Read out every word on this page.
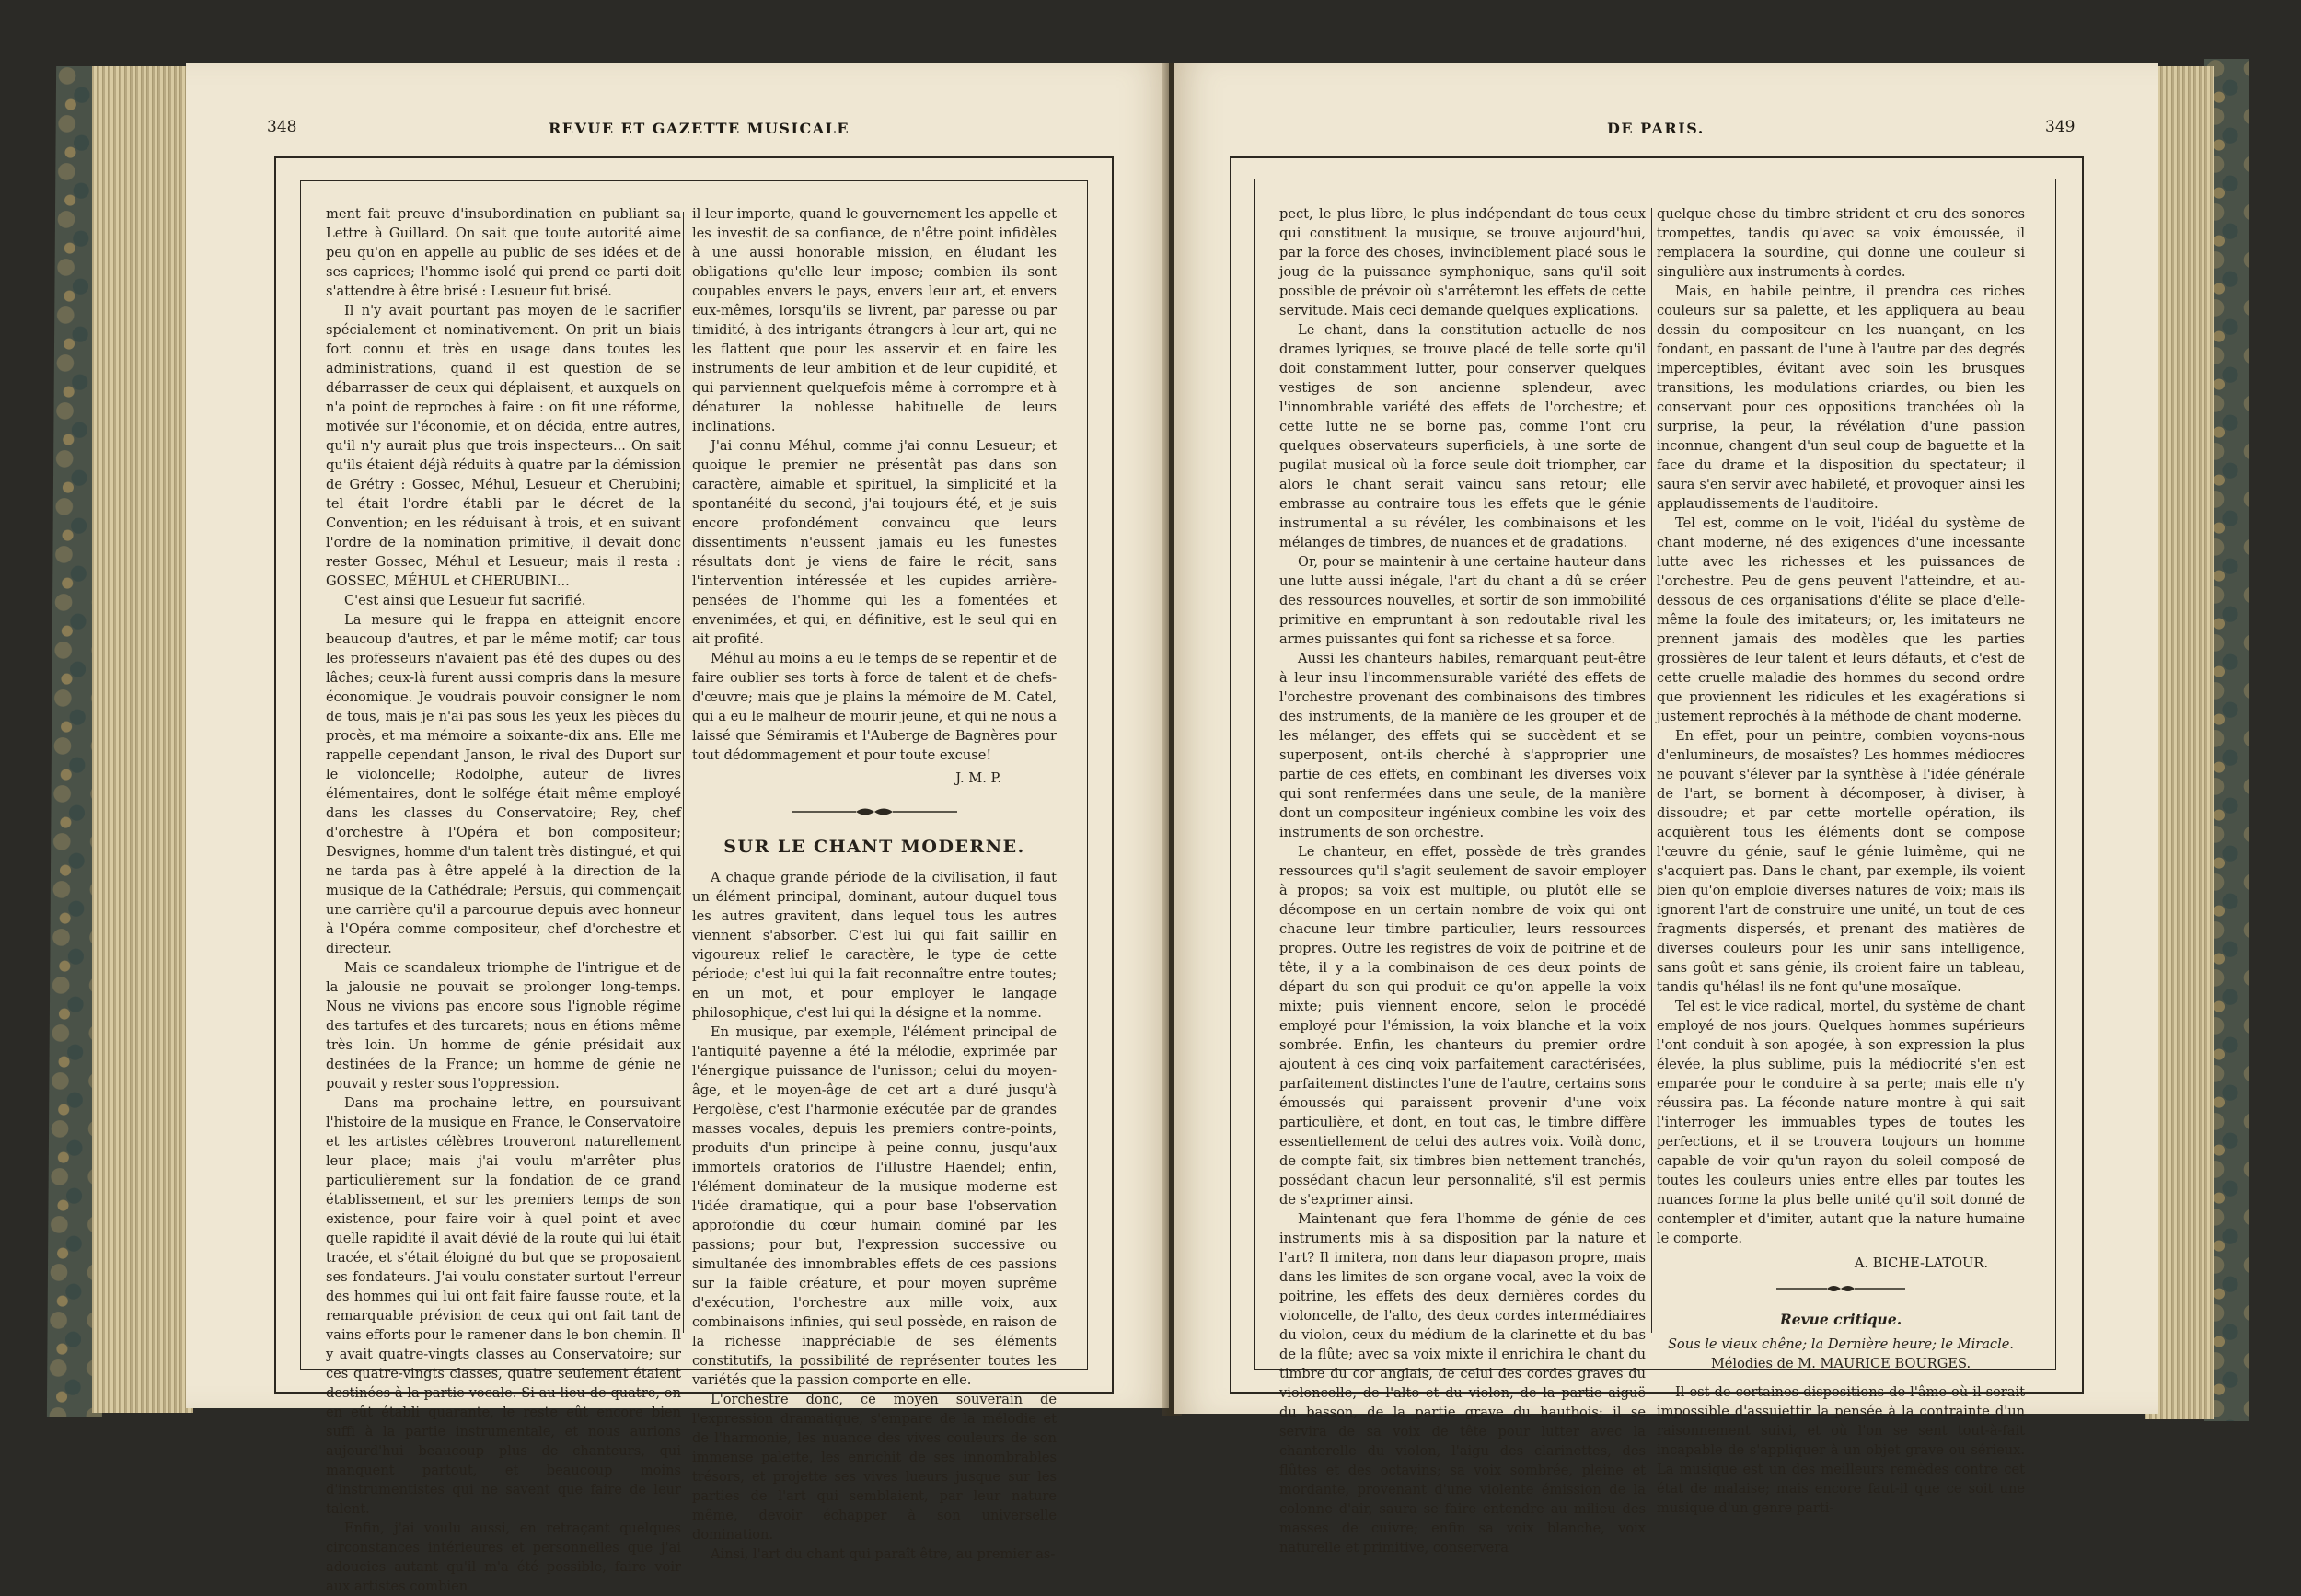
348	REVUE ET GAZETTE MUSICALE

ment fait preuve d'insubordination en publiant sa Lettre à Guillard. On sait que toute autorité aime peu qu'on en appelle au public de ses idées et de ses caprices; l'homme isolé qui prend ce parti doit s'attendre à être brisé : Lesueur fut brisé.

Il n'y avait pourtant pas moyen de le sacrifier spécialement et nominativement. On prit un biais fort connu et très en usage dans toutes les administrations, quand il est question de se débarrasser de ceux qui déplaisent, et auxquels on n'a point de reproches à faire : on fit une réforme, motivée sur l'économie, et on décida, entre autres, qu'il n'y aurait plus que trois inspecteurs... On sait qu'ils étaient déjà réduits à quatre par la démission de Grétry : Gossec, Méhul, Lesueur et Cherubini; tel était l'ordre établi par le décret de la Convention; en les réduisant à trois, et en suivant l'ordre de la nomination primitive, il devait donc rester Gossec, Méhul et Lesueur; mais il resta : GOSSEC, MÉHUL et CHERUBINI...

C'est ainsi que Lesueur fut sacrifié.

La mesure qui le frappa en atteignit encore beaucoup d'autres, et par le même motif; car tous les professeurs n'avaient pas été des dupes ou des lâches; ceux-là furent aussi compris dans la mesure économique. Je voudrais pouvoir consigner le nom de tous, mais je n'ai pas sous les yeux les pièces du procès, et ma mémoire a soixante-dix ans. Elle me rappelle cependant Janson, le rival des Duport sur le violoncelle; Rodolphe, auteur de livres élémentaires, dont le solfége était même employé dans les classes du Conservatoire; Rey, chef d'orchestre à l'Opéra et bon compositeur; Desvignes, homme d'un talent très distingué, et qui ne tarda pas à être appelé à la direction de la musique de la Cathédrale; Persuis, qui commençait une carrière qu'il a parcourue depuis avec honneur à l'Opéra comme compositeur, chef d'orchestre et directeur.

Mais ce scandaleux triomphe de l'intrigue et de la jalousie ne pouvait se prolonger long-temps. Nous ne vivions pas encore sous l'ignoble régime des tartufes et des turcarets; nous en étions même très loin. Un homme de génie présidait aux destinées de la France; un homme de génie ne pouvait y rester sous l'oppression.

Dans ma prochaine lettre, en poursuivant l'histoire de la musique en France, le Conservatoire et les artistes célèbres trouveront naturellement leur place; mais j'ai voulu m'arrêter plus particulièrement sur la fondation de ce grand établissement, et sur les premiers temps de son existence, pour faire voir à quel point et avec quelle rapidité il avait dévié de la route qui lui était tracée, et s'était éloigné du but que se proposaient ses fondateurs. J'ai voulu constater surtout l'erreur des hommes qui lui ont fait faire fausse route, et la remarquable prévision de ceux qui ont fait tant de vains efforts pour le ramener dans le bon chemin. Il y avait quatre-vingts classes au Conservatoire; sur ces quatre-vingts classes, quatre seulement étaient destinées à la partie vocale. Si au lieu de quatre, on en eût établi quarante, le reste eût encore bien suffi à la partie instrumentale, et nous aurions aujourd'hui beaucoup plus de chanteurs, qui manquent partout, et beaucoup moins d'instrumentistes qui ne savent que faire de leur talent.

Enfin, j'ai voulu aussi, en retraçant quelques circonstances intérieures et personnelles que j'ai adoucies autant qu'il m'a été possible, faire voir aux artistes combien

il leur importe, quand le gouvernement les appelle et les investit de sa confiance, de n'être point infidèles à une aussi honorable mission, en éludant les obligations qu'elle leur impose; combien ils sont coupables envers le pays, envers leur art, et envers eux-mêmes, lorsqu'ils se livrent, par paresse ou par timidité, à des intrigants étrangers à leur art, qui ne les flattent que pour les asservir et en faire les instruments de leur ambition et de leur cupidité, et qui parviennent quelquefois même à corrompre et à dénaturer la noblesse habituelle de leurs inclinations.

J'ai connu Méhul, comme j'ai connu Lesueur; et quoique le premier ne présentât pas dans son caractère, aimable et spirituel, la simplicité et la spontanéité du second, j'ai toujours été, et je suis encore profondément convaincu que leurs dissentiments n'eussent jamais eu les funestes résultats dont je viens de faire le récit, sans l'intervention intéressée et les cupides arrière-pensées de l'homme qui les a fomentées et envenimées, et qui, en définitive, est le seul qui en ait profité.

Méhul au moins a eu le temps de se repentir et de faire oublier ses torts à force de talent et de chefs-d'œuvre; mais que je plains la mémoire de M. Catel, qui a eu le malheur de mourir jeune, et qui ne nous a laissé que Sémiramis et l'Auberge de Bagnères pour tout dédommagement et pour toute excuse!

J. M. P.

SUR LE CHANT MODERNE.

A chaque grande période de la civilisation, il faut un élément principal, dominant, autour duquel tous les autres gravitent, dans lequel tous les autres viennent s'absorber. C'est lui qui fait saillir en vigoureux relief le caractère, le type de cette période; c'est lui qui la fait reconnaître entre toutes; en un mot, et pour employer le langage philosophique, c'est lui qui la désigne et la nomme.

En musique, par exemple, l'élément principal de l'antiquité payenne a été la mélodie, exprimée par l'énergique puissance de l'unisson; celui du moyen-âge, et le moyen-âge de cet art a duré jusqu'à Pergolèse, c'est l'harmonie exécutée par de grandes masses vocales, depuis les premiers contre-points, produits d'un principe à peine connu, jusqu'aux immortels oratorios de l'illustre Haendel; enfin, l'élément dominateur de la musique moderne est l'idée dramatique, qui a pour base l'observation approfondie du cœur humain dominé par les passions; pour but, l'expression successive ou simultanée des innombrables effets de ces passions sur la faible créature, et pour moyen suprême d'exécution, l'orchestre aux mille voix, aux combinaisons infinies, qui seul possède, en raison de la richesse inappréciable de ses éléments constitutifs, la possibilité de représenter toutes les variétés que la passion comporte en elle.

L'orchestre donc, ce moyen souverain de l'expression dramatique, s'empare de la mélodie et de l'harmonie, les nuance des vives couleurs de son immense palette, les enrichit de ses innombrables trésors, et projette ses vives lueurs jusque sur les parties de l'art qui semblaient, par leur nature même, devoir échapper à son universelle domination.

Ainsi, l'art du chant qui paraît être, au premier as-

DE PARIS.	349

pect, le plus libre, le plus indépendant de tous ceux qui constituent la musique, se trouve aujourd'hui, par la force des choses, invinciblement placé sous le joug de la puissance symphonique, sans qu'il soit possible de prévoir où s'arrêteront les effets de cette servitude. Mais ceci demande quelques explications.

Le chant, dans la constitution actuelle de nos drames lyriques, se trouve placé de telle sorte qu'il doit constamment lutter, pour conserver quelques vestiges de son ancienne splendeur, avec l'innombrable variété des effets de l'orchestre; et cette lutte ne se borne pas, comme l'ont cru quelques observateurs superficiels, à une sorte de pugilat musical où la force seule doit triompher, car alors le chant serait vaincu sans retour; elle embrasse au contraire tous les effets que le génie instrumental a su révéler, les combinaisons et les mélanges de timbres, de nuances et de gradations.

Or, pour se maintenir à une certaine hauteur dans une lutte aussi inégale, l'art du chant a dû se créer des ressources nouvelles, et sortir de son immobilité primitive en empruntant à son redoutable rival les armes puissantes qui font sa richesse et sa force.

Aussi les chanteurs habiles, remarquant peut-être à leur insu l'incommensurable variété des effets de l'orchestre provenant des combinaisons des timbres des instruments, de la manière de les grouper et de les mélanger, des effets qui se succèdent et se superposent, ont-ils cherché à s'approprier une partie de ces effets, en combinant les diverses voix qui sont renfermées dans une seule, de la manière dont un compositeur ingénieux combine les voix des instruments de son orchestre.

Le chanteur, en effet, possède de très grandes ressources qu'il s'agit seulement de savoir employer à propos; sa voix est multiple, ou plutôt elle se décompose en un certain nombre de voix qui ont chacune leur timbre particulier, leurs ressources propres. Outre les registres de voix de poitrine et de tête, il y a la combinaison de ces deux points de départ du son qui produit ce qu'on appelle la voix mixte; puis viennent encore, selon le procédé employé pour l'émission, la voix blanche et la voix sombrée. Enfin, les chanteurs du premier ordre ajoutent à ces cinq voix parfaitement caractérisées, parfaitement distinctes l'une de l'autre, certains sons émoussés qui paraissent provenir d'une voix particulière, et dont, en tout cas, le timbre diffère essentiellement de celui des autres voix. Voilà donc, de compte fait, six timbres bien nettement tranchés, possédant chacun leur personnalité, s'il est permis de s'exprimer ainsi.

Maintenant que fera l'homme de génie de ces instruments mis à sa disposition par la nature et l'art? Il imitera, non dans leur diapason propre, mais dans les limites de son organe vocal, avec la voix de poitrine, les effets des deux dernières cordes du violoncelle, de l'alto, des deux cordes intermédiaires du violon, ceux du médium de la clarinette et du bas de la flûte; avec sa voix mixte il enrichira le chant du timbre du cor anglais, de celui des cordes graves du violoncelle, de l'alto et du violon, de la partie aiguë du basson, de la partie grave du hautbois; il se servira de sa voix de tête pour lutter avec la chanterelle du violon, l'aigu des clarinettes, des flûtes et des octavins; sa voix sombrée, pleine et mordante, provenant d'une violente émission de la colonne d'air, saura se faire entendre au milieu des masses de cuivre; enfin sa voix blanche, voix naturelle et primitive, conservera

quelque chose du timbre strident et cru des sonores trompettes, tandis qu'avec sa voix émoussée, il remplacera la sourdine, qui donne une couleur si singulière aux instruments à cordes.

Mais, en habile peintre, il prendra ces riches couleurs sur sa palette, et les appliquera au beau dessin du compositeur en les nuançant, en les fondant, en passant de l'une à l'autre par des degrés imperceptibles, évitant avec soin les brusques transitions, les modulations criardes, ou bien les conservant pour ces oppositions tranchées où la surprise, la peur, la révélation d'une passion inconnue, changent d'un seul coup de baguette et la face du drame et la disposition du spectateur; il saura s'en servir avec habileté, et provoquer ainsi les applaudissements de l'auditoire.

Tel est, comme on le voit, l'idéal du système de chant moderne, né des exigences d'une incessante lutte avec les richesses et les puissances de l'orchestre. Peu de gens peuvent l'atteindre, et au-dessous de ces organisations d'élite se place d'elle-même la foule des imitateurs; or, les imitateurs ne prennent jamais des modèles que les parties grossières de leur talent et leurs défauts, et c'est de cette cruelle maladie des hommes du second ordre que proviennent les ridicules et les exagérations si justement reprochés à la méthode de chant moderne.

En effet, pour un peintre, combien voyons-nous d'enlumineurs, de mosaïstes? Les hommes médiocres ne pouvant s'élever par la synthèse à l'idée générale de l'art, se bornent à décomposer, à diviser, à dissoudre; et par cette mortelle opération, ils acquièrent tous les éléments dont se compose l'œuvre du génie, sauf le génie luimême, qui ne s'acquiert pas. Dans le chant, par exemple, ils voient bien qu'on emploie diverses natures de voix; mais ils ignorent l'art de construire une unité, un tout de ces fragments dispersés, et prenant des matières de diverses couleurs pour les unir sans intelligence, sans goût et sans génie, ils croient faire un tableau, tandis qu'hélas! ils ne font qu'une mosaïque.

Tel est le vice radical, mortel, du système de chant employé de nos jours. Quelques hommes supérieurs l'ont conduit à son apogée, à son expression la plus élevée, la plus sublime, puis la médiocrité s'en est emparée pour le conduire à sa perte; mais elle n'y réussira pas. La féconde nature montre à qui sait l'interroger les immuables types de toutes les perfections, et il se trouvera toujours un homme capable de voir qu'un rayon du soleil composé de toutes les couleurs unies entre elles par toutes les nuances forme la plus belle unité qu'il soit donné de contempler et d'imiter, autant que la nature humaine le comporte.

A. BICHE-LATOUR.

Revue critique.

Sous le vieux chêne; la Dernière heure; le Miracle.

Mélodies de M. MAURICE BOURGES.

Il est de certaines dispositions de l'âme où il serait impossible d'assujettir la pensée à la contrainte d'un raisonnement suivi, et où l'on se sent tout-à-fait incapable de s'appliquer à un objet grave ou sérieux. La musique est un des meilleurs remèdes contre cet état de malaise; mais encore faut-il que ce soit une musique d'un genre parti-
